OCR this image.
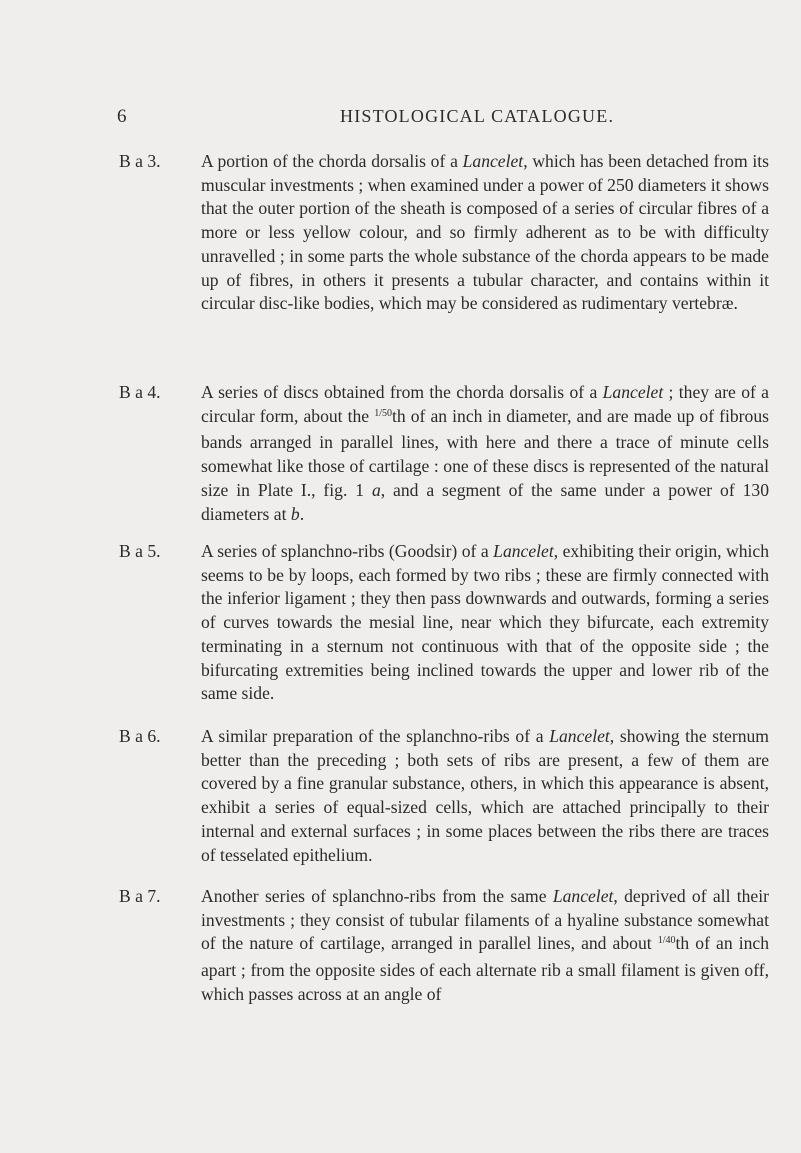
6	HISTOLOGICAL CATALOGUE.
B a 3.	A portion of the chorda dorsalis of a Lancelet, which has been detached from its muscular investments ; when examined under a power of 250 diameters it shows that the outer portion of the sheath is composed of a series of circular fibres of a more or less yellow colour, and so firmly adherent as to be with difficulty unravelled ; in some parts the whole substance of the chorda appears to be made up of fibres, in others it presents a tubular character, and contains within it circular disc-like bodies, which may be considered as rudimentary vertebræ.
B a 4.	A series of discs obtained from the chorda dorsalis of a Lancelet ; they are of a circular form, about the $^{1/50}$th of an inch in diameter, and are made up of fibrous bands arranged in parallel lines, with here and there a trace of minute cells somewhat like those of cartilage : one of these discs is represented of the natural size in Plate I., fig. 1 a, and a segment of the same under a power of 130 diameters at b.
B a 5.	A series of splanchno-ribs (Goodsir) of a Lancelet, exhibiting their origin, which seems to be by loops, each formed by two ribs ; these are firmly connected with the inferior ligament ; they then pass downwards and outwards, forming a series of curves towards the mesial line, near which they bifurcate, each extremity terminating in a sternum not continuous with that of the opposite side ; the bifurcating extremities being inclined towards the upper and lower rib of the same side.
B a 6.	A similar preparation of the splanchno-ribs of a Lancelet, showing the sternum better than the preceding ; both sets of ribs are present, a few of them are covered by a fine granular substance, others, in which this appearance is absent, exhibit a series of equal-sized cells, which are attached principally to their internal and external surfaces ; in some places between the ribs there are traces of tesselated epithelium.
B a 7.	Another series of splanchno-ribs from the same Lancelet, deprived of all their investments ; they consist of tubular filaments of a hyaline substance somewhat of the nature of cartilage, arranged in parallel lines, and about $^{1/40}$th of an inch apart ; from the opposite sides of each alternate rib a small filament is given off, which passes across at an angle of
